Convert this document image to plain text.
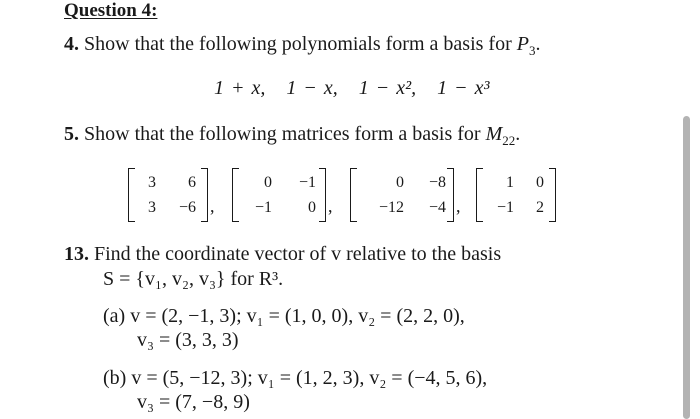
Question 4:
4. Show that the following polynomials form a basis for $P_3$.
1 + x, 1 − x, 1 − x²,   1 − x³
5. Show that the following matrices form a basis for $M_{22}$.
3	6
3	−6 ,
0	−1
−1	0 ,
0	−8
−12	−4 ,
1	0
−1	2
13. Find the coordinate vector of v relative to the basis
S = {v₁, v₂, v₃} for R³.
(a) v = (2, −1, 3); v₁ = (1, 0, 0), v₂ = (2, 2, 0),
v₃ = (3, 3, 3)
(b) v = (5, −12, 3); v₁ = (1, 2, 3), v₂ = (−4, 5, 6),
v₃ = (7, −8, 9)
